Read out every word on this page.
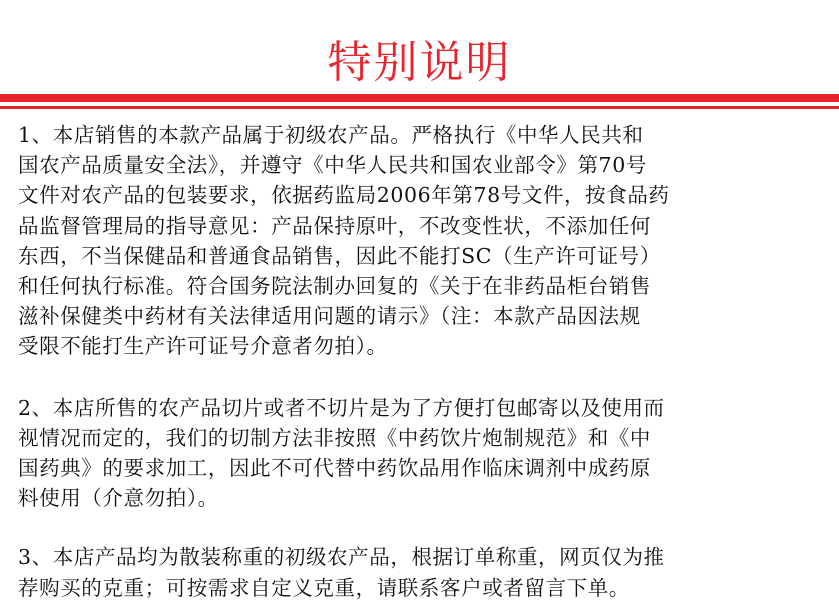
特别说明

1、本店销售的本款产品属于初级农产品。严格执行《中华人民共和
国农产品质量安全法》，并遵守《中华人民共和国农业部令》第70号
文件对农产品的包装要求，依据药监局2006年第78号文件，按食品药
品监督管理局的指导意见：产品保持原叶，不改变性状，不添加任何
东西，不当保健品和普通食品销售，因此不能打SC（生产许可证号）
和任何执行标准。符合国务院法制办回复的《关于在非药品柜台销售
滋补保健类中药材有关法律适用问题的请示》（注：本款产品因法规
受限不能打生产许可证号介意者勿拍）。

2、本店所售的农产品切片或者不切片是为了方便打包邮寄以及使用而
视情况而定的，我们的切制方法非按照《中药饮片炮制规范》和《中
国药典》的要求加工，因此不可代替中药饮品用作临床调剂中成药原
料使用（介意勿拍）。

3、本店产品均为散装称重的初级农产品，根据订单称重，网页仅为推
荐购买的克重；可按需求自定义克重，请联系客户或者留言下单。
